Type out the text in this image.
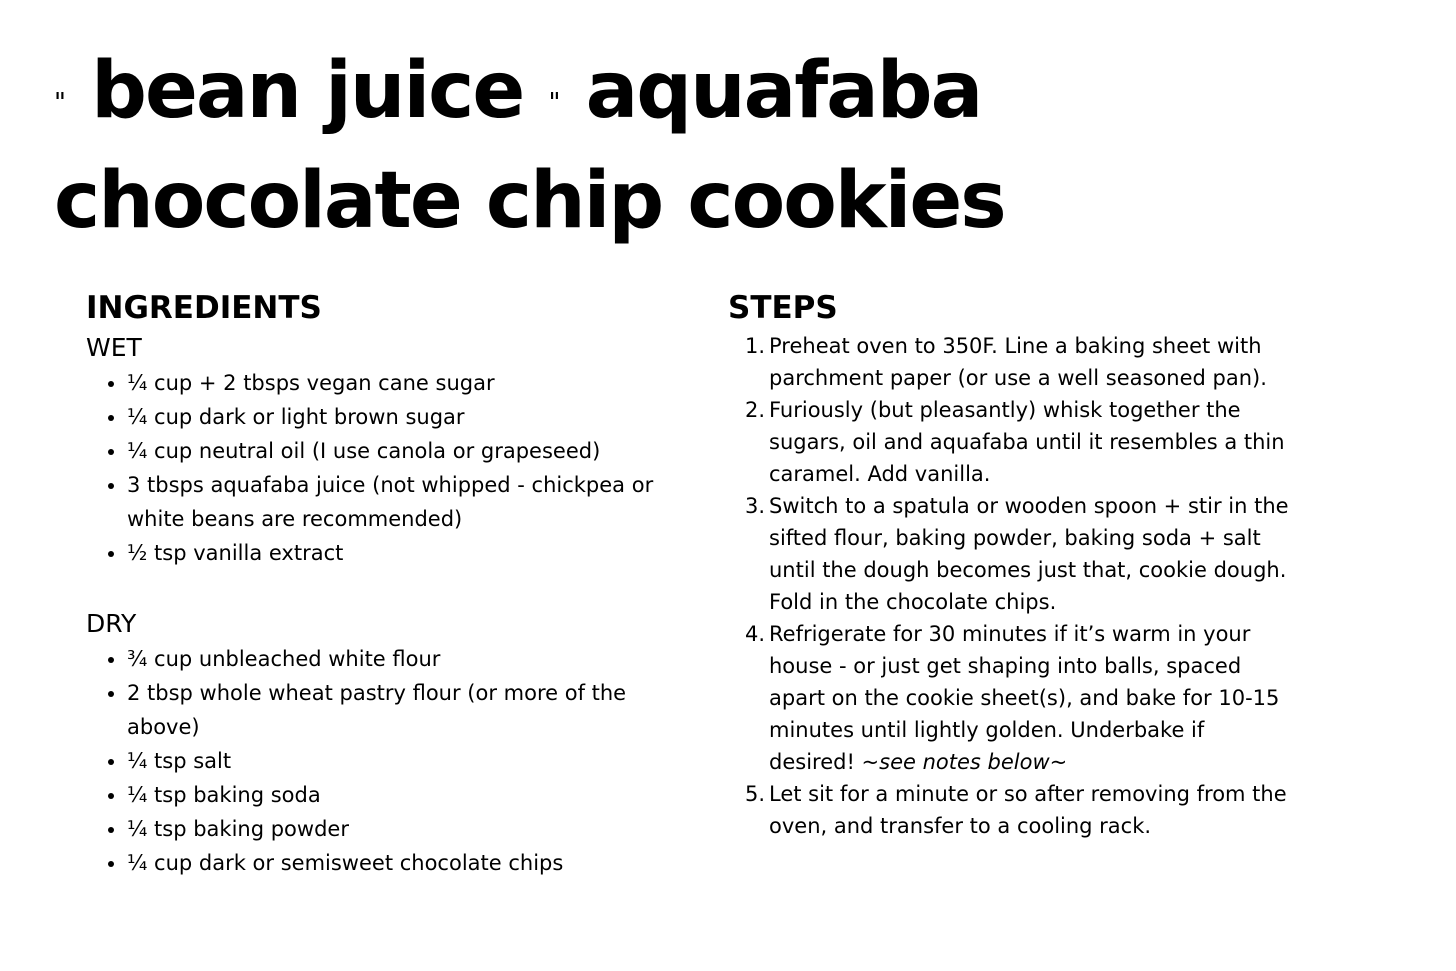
" bean juice " aquafaba
chocolate chip cookies
INGREDIENTS
WET
• ¼ cup + 2 tbsps vegan cane sugar
• ¼ cup dark or light brown sugar
• ¼ cup neutral oil (I use canola or grapeseed)
• 3 tbsps aquafaba juice (not whipped - chickpea or white beans are recommended)
• ½ tsp vanilla extract
DRY
• ¾ cup unbleached white flour
• 2 tbsp whole wheat pastry flour (or more of the above)
• ¼ tsp salt
• ¼ tsp baking soda
• ¼ tsp baking powder
• ¼ cup dark or semisweet chocolate chips
STEPS
1. Preheat oven to 350F. Line a baking sheet with parchment paper (or use a well seasoned pan).
2. Furiously (but pleasantly) whisk together the sugars, oil and aquafaba until it resembles a thin caramel. Add vanilla.
3. Switch to a spatula or wooden spoon + stir in the sifted flour, baking powder, baking soda + salt until the dough becomes just that, cookie dough. Fold in the chocolate chips.
4. Refrigerate for 30 minutes if it’s warm in your house - or just get shaping into balls, spaced apart on the cookie sheet(s), and bake for 10-15 minutes until lightly golden. Underbake if desired! ~see notes below~
5. Let sit for a minute or so after removing from the oven, and transfer to a cooling rack.
